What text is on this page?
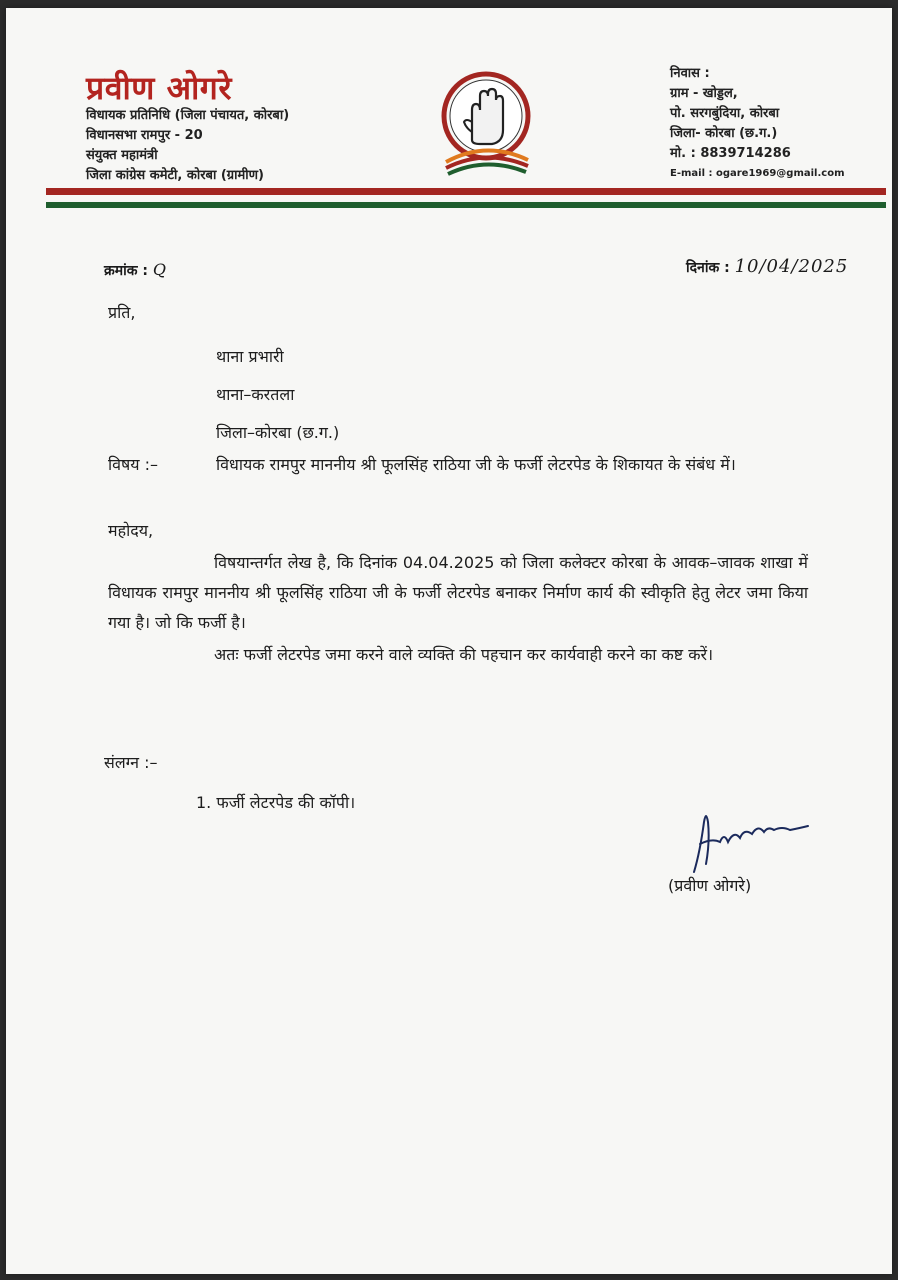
प्रवीण ओगरे
विधायक प्रतिनिधि (जिला पंचायत, कोरबा)
विधानसभा रामपुर - 20
संयुक्त महामंत्री
जिला कांग्रेस कमेटी, कोरबा (ग्रामीण)
निवास :
ग्राम - खोड्डल,
पो. सरगबुंदिया, कोरबा
जिला- कोरबा (छ.ग.)
मो. : 8839714286
E-mail : ogare1969@gmail.com
क्रमांक : Q	दिनांक : 10/04/2025
प्रति,
थाना प्रभारी
थाना–करतला
जिला–कोरबा (छ.ग.)
विषय :–	विधायक रामपुर माननीय श्री फूलसिंह राठिया जी के फर्जी लेटरपेड के शिकायत के संबंध में।
महोदय,
विषयान्तर्गत लेख है, कि दिनांक 04.04.2025 को जिला कलेक्टर कोरबा के आवक–जावक शाखा में विधायक रामपुर माननीय श्री फूलसिंह राठिया जी के फर्जी लेटरपेड बनाकर निर्माण कार्य की स्वीकृति हेतु लेटर जमा किया गया है। जो कि फर्जी है।
अतः फर्जी लेटरपेड जमा करने वाले व्यक्ति की पहचान कर कार्यवाही करने का कष्ट करें।
संलग्न :–
1. फर्जी लेटरपेड की कॉपी।
(प्रवीण ओगरे)
